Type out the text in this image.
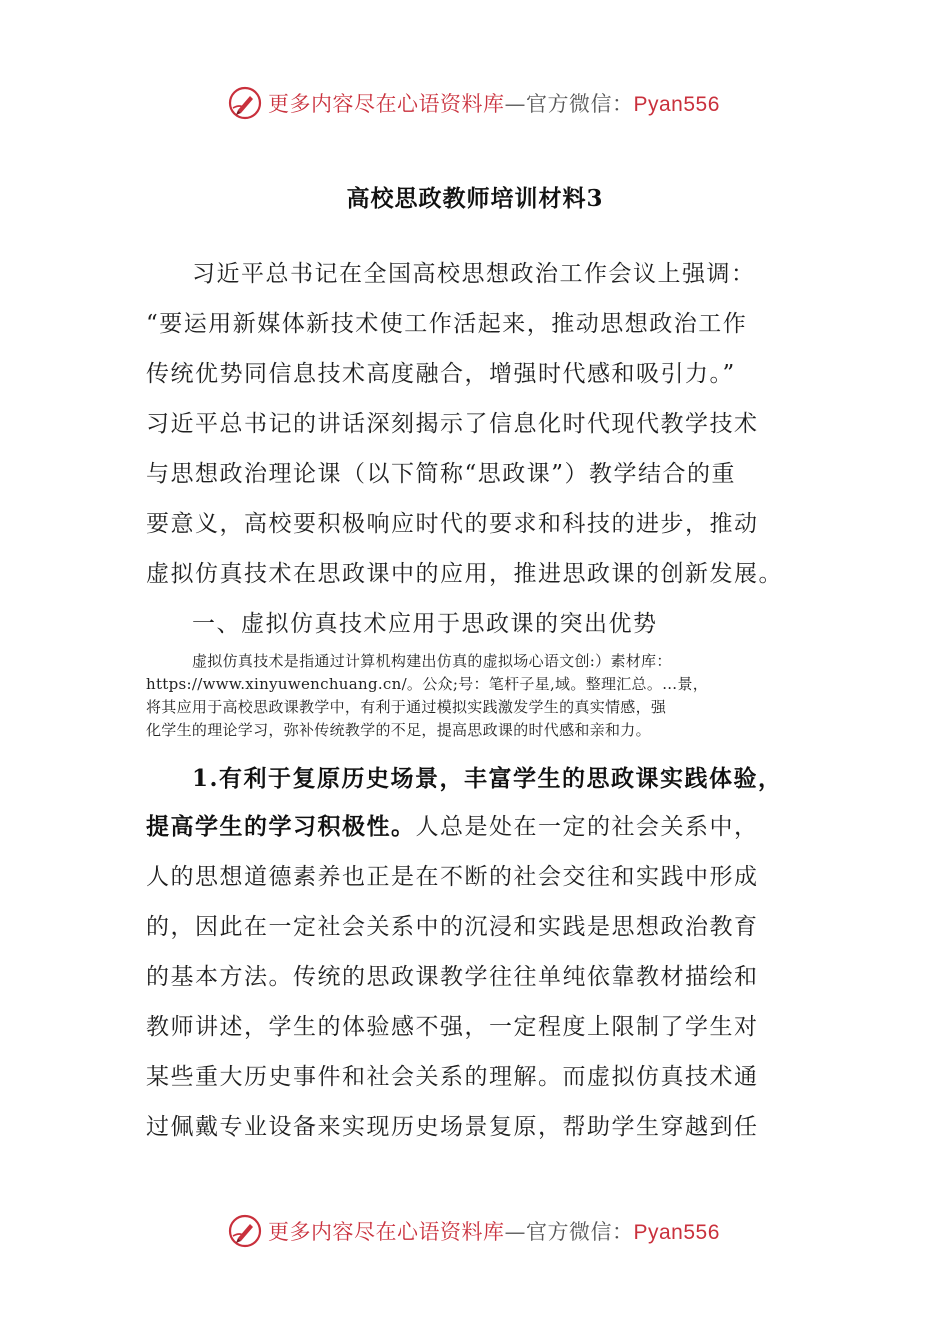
更多内容尽在心语资料库—官方微信：Pyan556
高校思政教师培训材料3
习近平总书记在全国高校思想政治工作会议上强调：
“要运用新媒体新技术使工作活起来，推动思想政治工作
传统优势同信息技术高度融合，增强时代感和吸引力。”
习近平总书记的讲话深刻揭示了信息化时代现代教学技术
与思想政治理论课（以下简称“思政课”）教学结合的重
要意义，高校要积极响应时代的要求和科技的进步，推动
虚拟仿真技术在思政课中的应用，推进思政课的创新发展。
一、虚拟仿真技术应用于思政课的突出优势
虚拟仿真技术是指通过计算机构建出仿真的虚拟场心语文创:）素材库：
https://www.xinyuwenchuang.cn/。公众;号：笔杆子星,域。整理汇总。…景，
将其应用于高校思政课教学中，有利于通过模拟实践激发学生的真实情感，强
化学生的理论学习，弥补传统教学的不足，提高思政课的时代感和亲和力。
1.有利于复原历史场景，丰富学生的思政课实践体验，
提高学生的学习积极性。人总是处在一定的社会关系中，
人的思想道德素养也正是在不断的社会交往和实践中形成
的，因此在一定社会关系中的沉浸和实践是思想政治教育
的基本方法。传统的思政课教学往往单纯依靠教材描绘和
教师讲述，学生的体验感不强，一定程度上限制了学生对
某些重大历史事件和社会关系的理解。而虚拟仿真技术通
过佩戴专业设备来实现历史场景复原，帮助学生穿越到任
更多内容尽在心语资料库—官方微信：Pyan556
